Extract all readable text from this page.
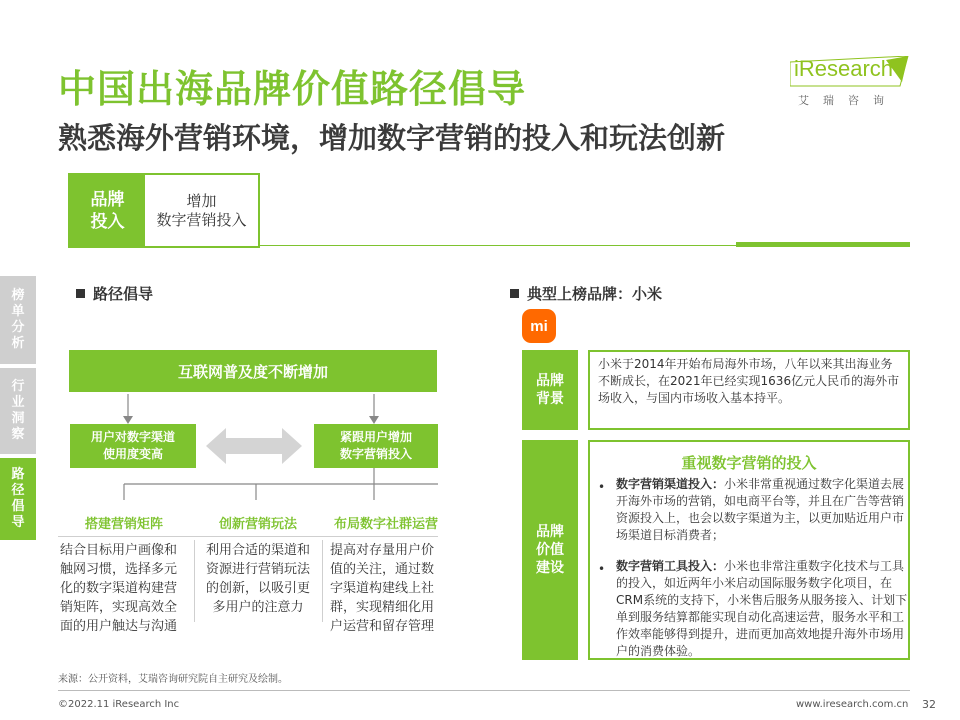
中国出海品牌价值路径倡导
熟悉海外营销环境，增加数字营销的投入和玩法创新
iResearch
艾瑞咨询
品牌
投入
增加
数字营销投入
榜
单
分
析
行
业
洞
察
路
径
倡
导
路径倡导
互联网普及度不断增加
用户对数字渠道
使用度变高
紧跟用户增加
数字营销投入
搭建营销矩阵	创新营销玩法	布局数字社群运营
结合目标用户画像和触网习惯，选择多元化的数字渠道构建营销矩阵，实现高效全面的用户触达与沟通
利用合适的渠道和资源进行营销玩法的创新，以吸引更多用户的注意力
提高对存量用户价值的关注，通过数字渠道构建线上社群，实现精细化用户运营和留存管理
典型上榜品牌：小米
mi
品牌
背景
小米于2014年开始布局海外市场，八年以来其出海业务不断成长，在2021年已经实现1636亿元人民币的海外市场收入，与国内市场收入基本持平。
品牌
价值
建设
重视数字营销的投入
• 数字营销渠道投入：小米非常重视通过数字化渠道去展开海外市场的营销，如电商平台等，并且在广告等营销资源投入上，也会以数字渠道为主，以更加贴近用户市场渠道目标消费者；
• 数字营销工具投入：小米也非常注重数字化技术与工具的投入，如近两年小米启动国际服务数字化项目，在CRM系统的支持下，小米售后服务从服务接入、计划下单到服务结算都能实现自动化高速运营，服务水平和工作效率能够得到提升，进而更加高效地提升海外市场用户的消费体验。
来源：公开资料，艾瑞咨询研究院自主研究及绘制。
©2022.11 iResearch Inc	www.iresearch.com.cn 32
